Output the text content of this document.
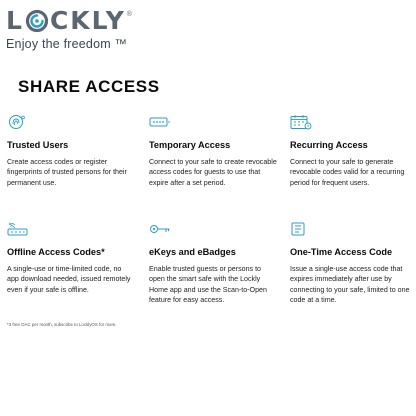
L CKLY ®
Enjoy the freedom ™
SHARE ACCESS
Trusted Users
Create access codes or register fingerprints of trusted persons for their permanent use.
Temporary Access
Connect to your safe to create revocable access codes for guests to use that expire after a set period.
Recurring Access
Connect to your safe to generate revocable codes valid for a recurring period for frequent users.
Offline Access Codes*
A single-use or time-limited code, no app download needed, issued remotely even if your safe is offline.
eKeys and eBadges
Enable trusted guests or persons to open the smart safe with the Lockly Home app and use the Scan-to-Open feature for easy access.
One-Time Access Code
Issue a single-use access code that expires immediately after use by connecting to your safe, limited to one code at a time.
*3 free OAC per month, subscribe to LocklyOS for more.
